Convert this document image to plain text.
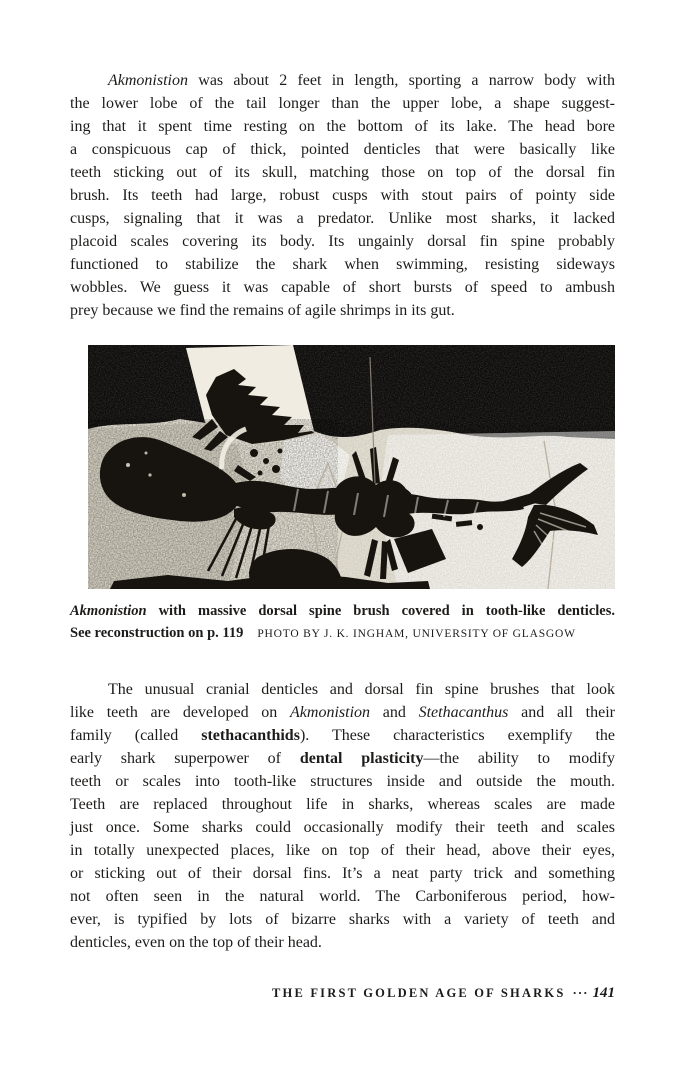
Akmonistion was about 2 feet in length, sporting a narrow body with
the lower lobe of the tail longer than the upper lobe, a shape suggest-
ing that it spent time resting on the bottom of its lake. The head bore
a conspicuous cap of thick, pointed denticles that were basically like
teeth sticking out of its skull, matching those on top of the dorsal fin
brush. Its teeth had large, robust cusps with stout pairs of pointy side
cusps, signaling that it was a predator. Unlike most sharks, it lacked
placoid scales covering its body. Its ungainly dorsal fin spine probably
functioned to stabilize the shark when swimming, resisting sideways
wobbles. We guess it was capable of short bursts of speed to ambush
prey because we find the remains of agile shrimps in its gut.
Akmonistion with massive dorsal spine brush covered in tooth-like denticles.
See reconstruction on p. 119 PHOTO BY J. K. INGHAM, UNIVERSITY OF GLASGOW
The unusual cranial denticles and dorsal fin spine brushes that look
like teeth are developed on Akmonistion and Stethacanthus and all their
family (called stethacanthids). These characteristics exemplify the
early shark superpower of dental plasticity—the ability to modify
teeth or scales into tooth-like structures inside and outside the mouth.
Teeth are replaced throughout life in sharks, whereas scales are made
just once. Some sharks could occasionally modify their teeth and scales
in totally unexpected places, like on top of their head, above their eyes,
or sticking out of their dorsal fins. It’s a neat party trick and something
not often seen in the natural world. The Carboniferous period, how-
ever, is typified by lots of bizarre sharks with a variety of teeth and
denticles, even on the top of their head.
THE FIRST GOLDEN AGE OF SHARKS ··· 141
